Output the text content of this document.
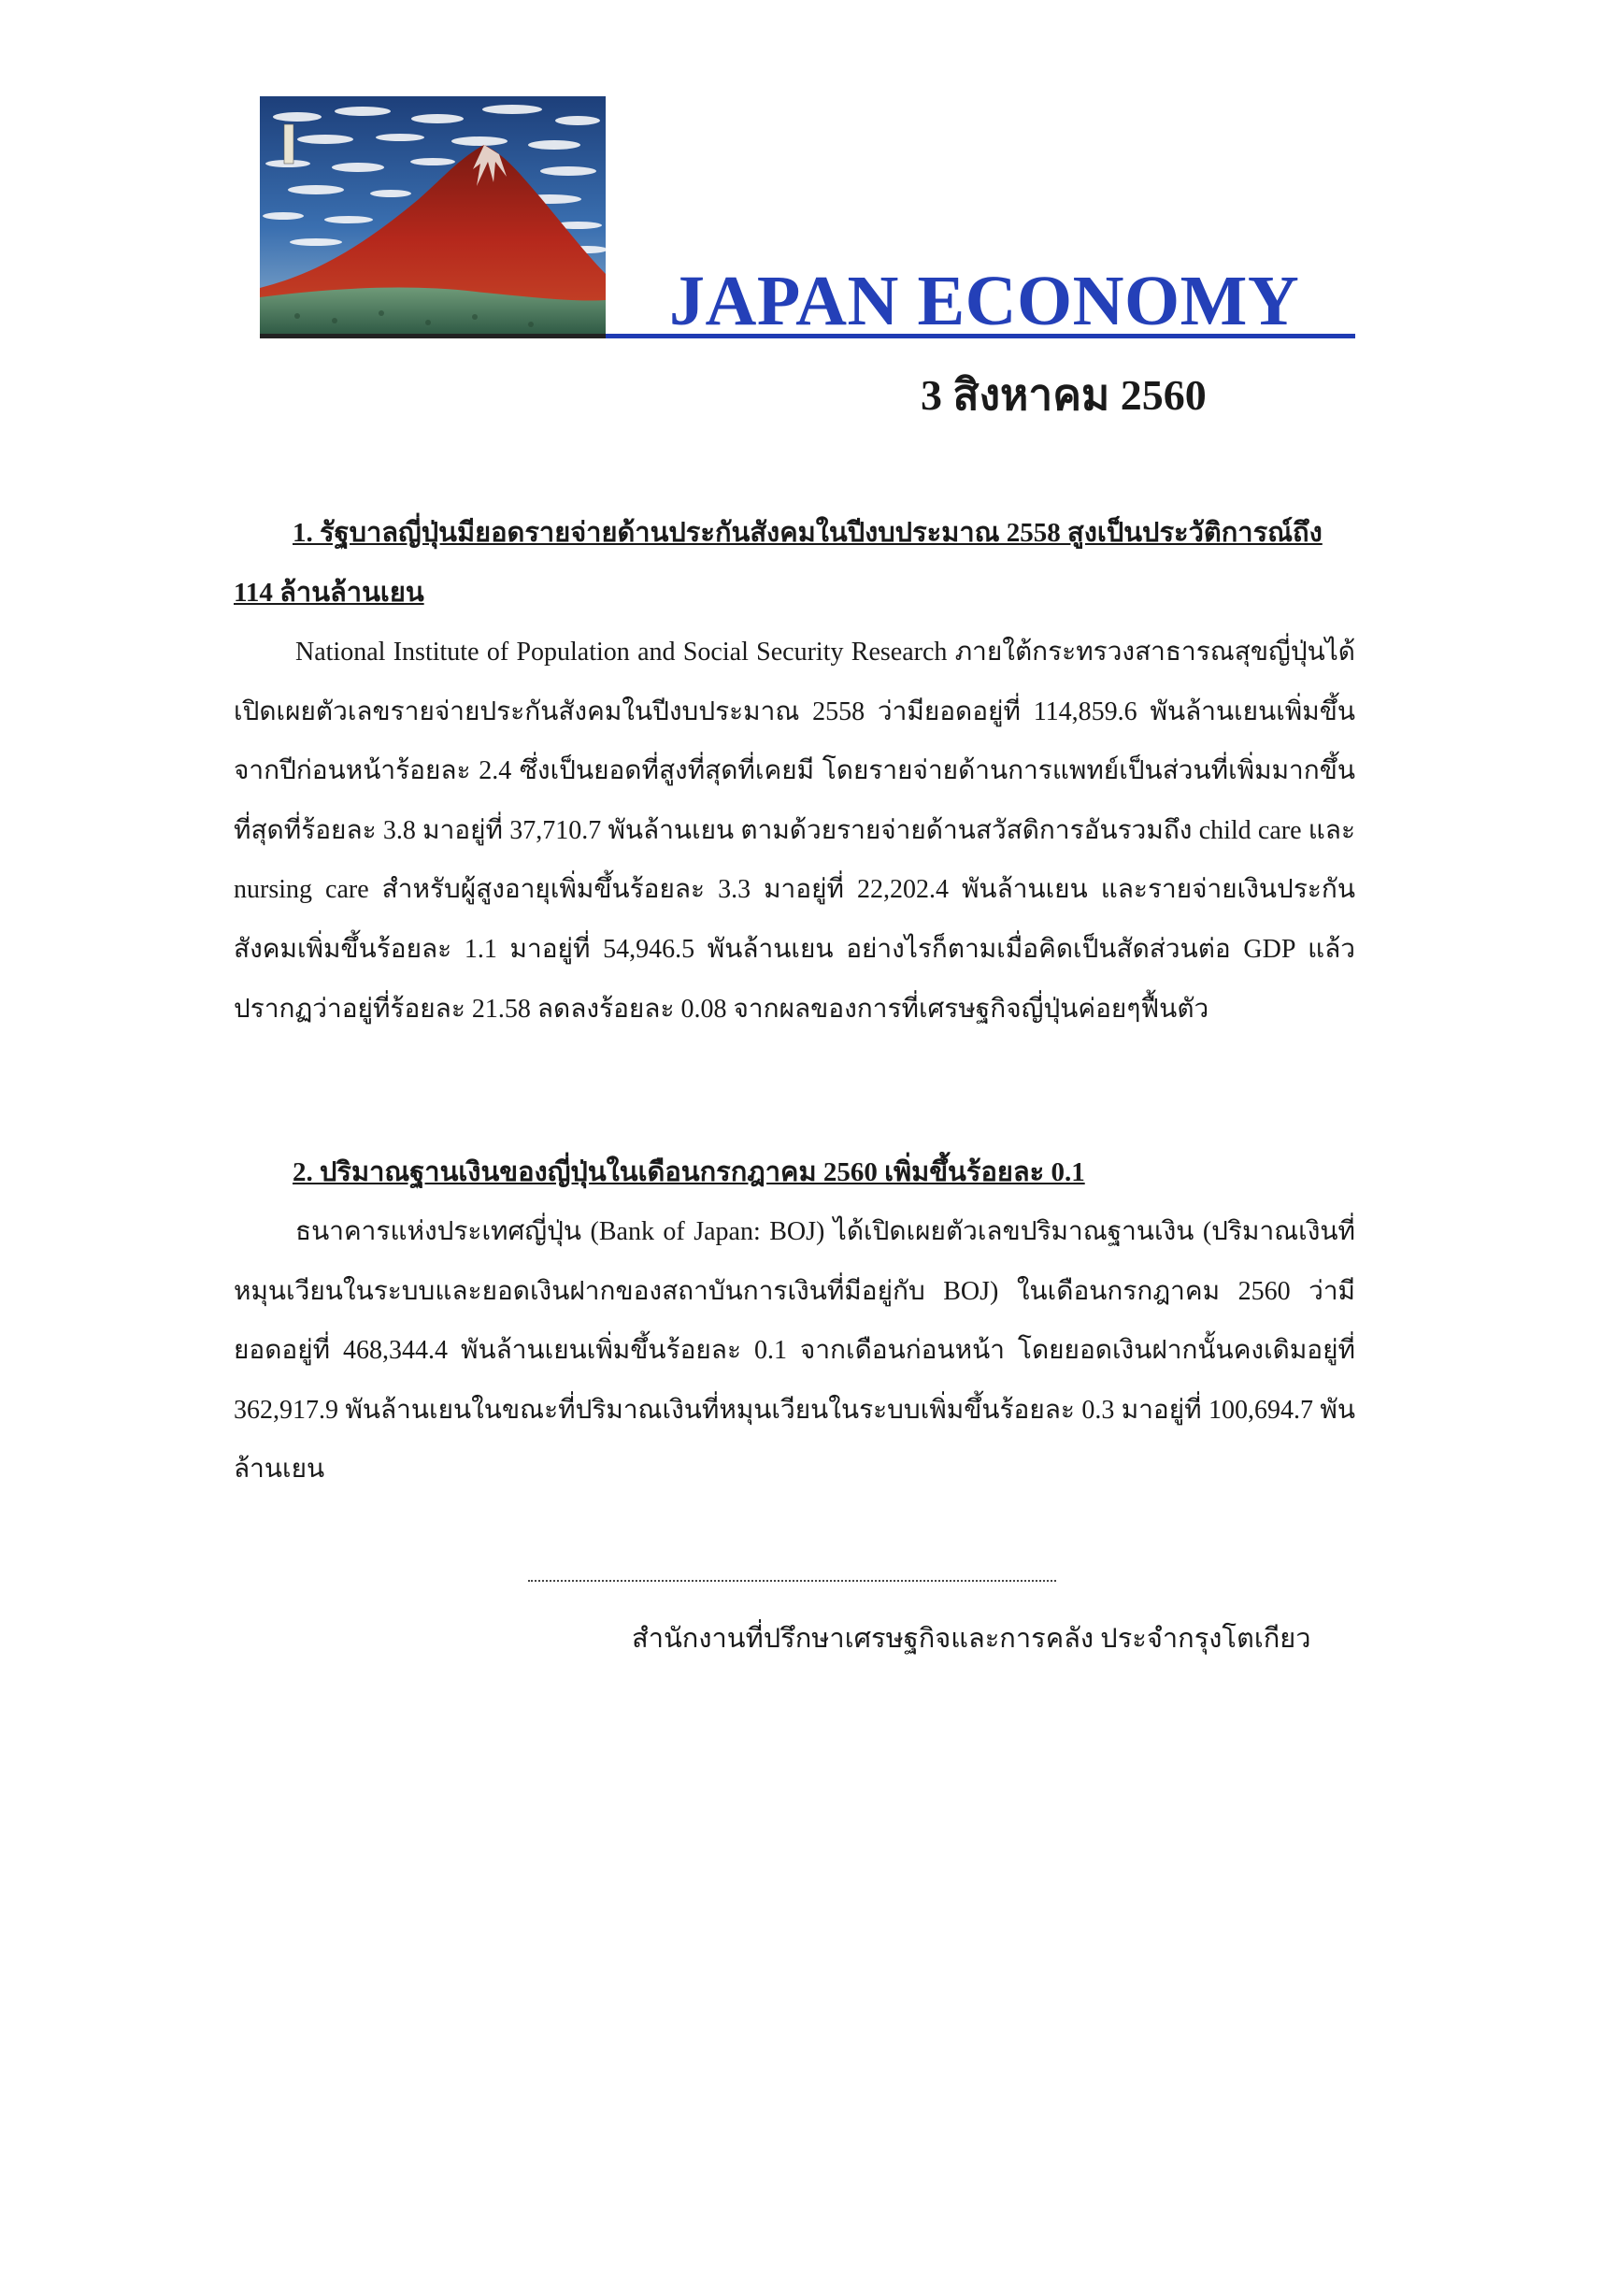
JAPAN ECONOMY
3 สิงหาคม 2560

1. รัฐบาลญี่ปุ่นมียอดรายจ่ายด้านประกันสังคมในปีงบประมาณ 2558 สูงเป็นประวัติการณ์ถึง 114 ล้านล้านเยน

National Institute of Population and Social Security Research ภายใต้กระทรวงสาธารณสุขญี่ปุ่นได้เปิดเผยตัวเลขรายจ่ายประกันสังคมในปีงบประมาณ 2558 ว่ามียอดอยู่ที่ 114,859.6 พันล้านเยนเพิ่มขึ้นจากปีก่อนหน้าร้อยละ 2.4 ซึ่งเป็นยอดที่สูงที่สุดที่เคยมี โดยรายจ่ายด้านการแพทย์เป็นส่วนที่เพิ่มมากขึ้นที่สุดที่ร้อยละ 3.8 มาอยู่ที่ 37,710.7 พันล้านเยน ตามด้วยรายจ่ายด้านสวัสดิการอันรวมถึง child care และ nursing care สำหรับผู้สูงอายุเพิ่มขึ้นร้อยละ 3.3 มาอยู่ที่ 22,202.4 พันล้านเยน และรายจ่ายเงินประกันสังคมเพิ่มขึ้นร้อยละ 1.1 มาอยู่ที่ 54,946.5 พันล้านเยน อย่างไรก็ตามเมื่อคิดเป็นสัดส่วนต่อ GDP แล้วปรากฏว่าอยู่ที่ร้อยละ 21.58 ลดลงร้อยละ 0.08 จากผลของการที่เศรษฐกิจญี่ปุ่นค่อยๆฟื้นตัว

2. ปริมาณฐานเงินของญี่ปุ่นในเดือนกรกฎาคม 2560 เพิ่มขึ้นร้อยละ 0.1

ธนาคารแห่งประเทศญี่ปุ่น (Bank of Japan: BOJ) ได้เปิดเผยตัวเลขปริมาณฐานเงิน (ปริมาณเงินที่หมุนเวียนในระบบและยอดเงินฝากของสถาบันการเงินที่มีอยู่กับ BOJ) ในเดือนกรกฎาคม 2560 ว่ามียอดอยู่ที่ 468,344.4 พันล้านเยนเพิ่มขึ้นร้อยละ 0.1 จากเดือนก่อนหน้า โดยยอดเงินฝากนั้นคงเดิมอยู่ที่ 362,917.9 พันล้านเยนในขณะที่ปริมาณเงินที่หมุนเวียนในระบบเพิ่มขึ้นร้อยละ 0.3 มาอยู่ที่ 100,694.7 พันล้านเยน

สำนักงานที่ปรึกษาเศรษฐกิจและการคลัง ประจำกรุงโตเกียว
